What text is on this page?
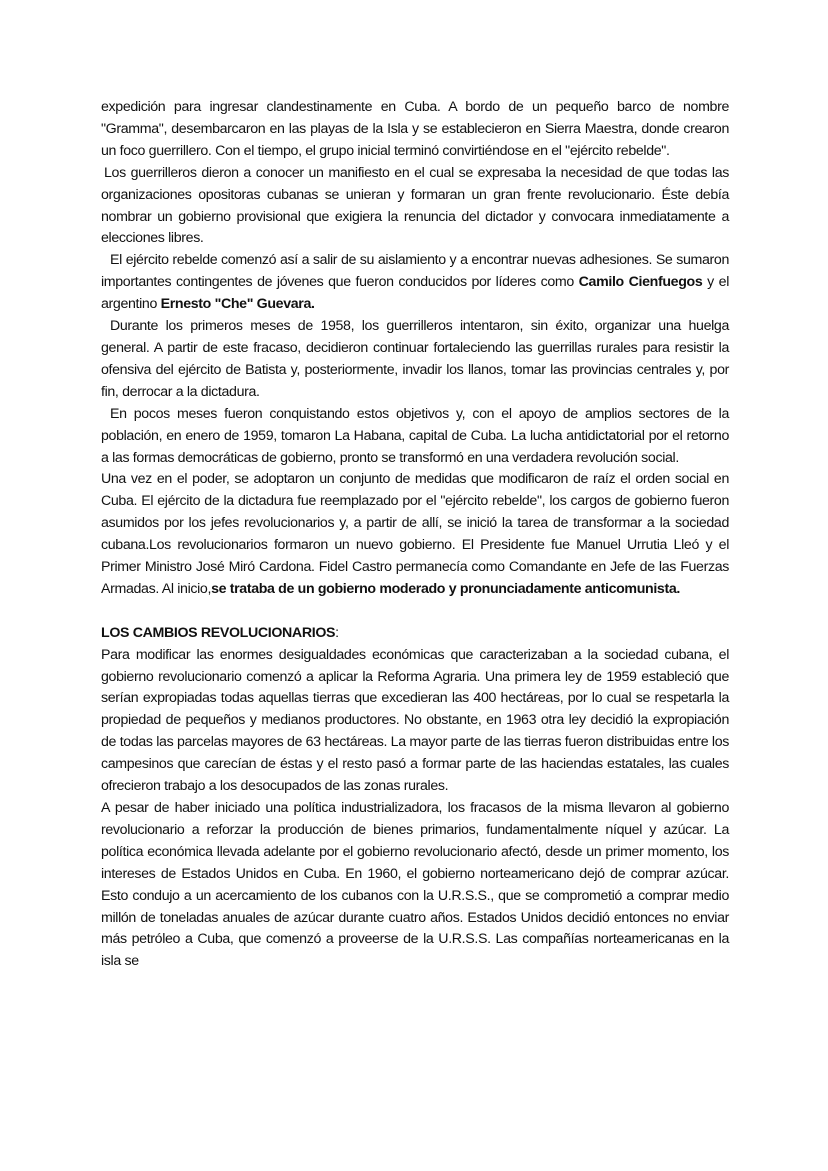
expedición para ingresar clandestinamente en Cuba. A bordo de un pequeño barco de nombre "Gramma", desembarcaron en las playas de la Isla y se establecieron en Sierra Maestra, donde crearon un foco guerrillero. Con el tiempo, el grupo inicial terminó convirtiéndose en el "ejército rebelde".

Los guerrilleros dieron a conocer un manifiesto en el cual se expresaba la necesidad de que todas las organizaciones opositoras cubanas se unieran y formaran un gran frente revolucionario. Éste debía nombrar un gobierno provisional que exigiera la renuncia del dictador y convocara inmediatamente a elecciones libres.

El ejército rebelde comenzó así a salir de su aislamiento y a encontrar nuevas adhesiones. Se sumaron importantes contingentes de jóvenes que fueron conducidos por líderes como Camilo Cienfuegos y el argentino Ernesto "Che" Guevara.

Durante los primeros meses de 1958, los guerrilleros intentaron, sin éxito, organizar una huelga general. A partir de este fracaso, decidieron continuar fortaleciendo las guerrillas rurales para resistir la ofensiva del ejército de Batista y, posteriormente, invadir los llanos, tomar las provincias centrales y, por fin, derrocar a la dictadura.

En pocos meses fueron conquistando estos objetivos y, con el apoyo de amplios sectores de la población, en enero de 1959, tomaron La Habana, capital de Cuba. La lucha antidictatorial por el retorno a las formas democráticas de gobierno, pronto se transformó en una verdadera revolución social.

Una vez en el poder, se adoptaron un conjunto de medidas que modificaron de raíz el orden social en Cuba. El ejército de la dictadura fue reemplazado por el "ejército rebelde", los cargos de gobierno fueron asumidos por los jefes revolucionarios y, a partir de allí, se inició la tarea de transformar a la sociedad cubana.Los revolucionarios formaron un nuevo gobierno. El Presidente fue Manuel Urrutia Lleó y el Primer Ministro José Miró Cardona. Fidel Castro permanecía como Comandante en Jefe de las Fuerzas Armadas. Al inicio,se trataba de un gobierno moderado y pronunciadamente anticomunista.

LOS CAMBIOS REVOLUCIONARIOS:

Para modificar las enormes desigualdades económicas que caracterizaban a la sociedad cubana, el gobierno revolucionario comenzó a aplicar la Reforma Agraria. Una primera ley de 1959 estableció que serían expropiadas todas aquellas tierras que excedieran las 400 hectáreas, por lo cual se respetarla la propiedad de pequeños y medianos productores. No obstante, en 1963 otra ley decidió la expropiación de todas las parcelas mayores de 63 hectáreas. La mayor parte de las tierras fueron distribuidas entre los campesinos que carecían de éstas y el resto pasó a formar parte de las haciendas estatales, las cuales ofrecieron trabajo a los desocupados de las zonas rurales.

A pesar de haber iniciado una política industrializadora, los fracasos de la misma llevaron al gobierno revolucionario a reforzar la producción de bienes primarios, fundamentalmente níquel y azúcar. La política económica llevada adelante por el gobierno revolucionario afectó, desde un primer momento, los intereses de Estados Unidos en Cuba. En 1960, el gobierno norteamericano dejó de comprar azúcar. Esto condujo a un acercamiento de los cubanos con la U.R.S.S., que se comprometió a comprar medio millón de toneladas anuales de azúcar durante cuatro años. Estados Unidos decidió entonces no enviar más petróleo a Cuba, que comenzó a proveerse de la U.R.S.S. Las compañías norteamericanas en la isla se
